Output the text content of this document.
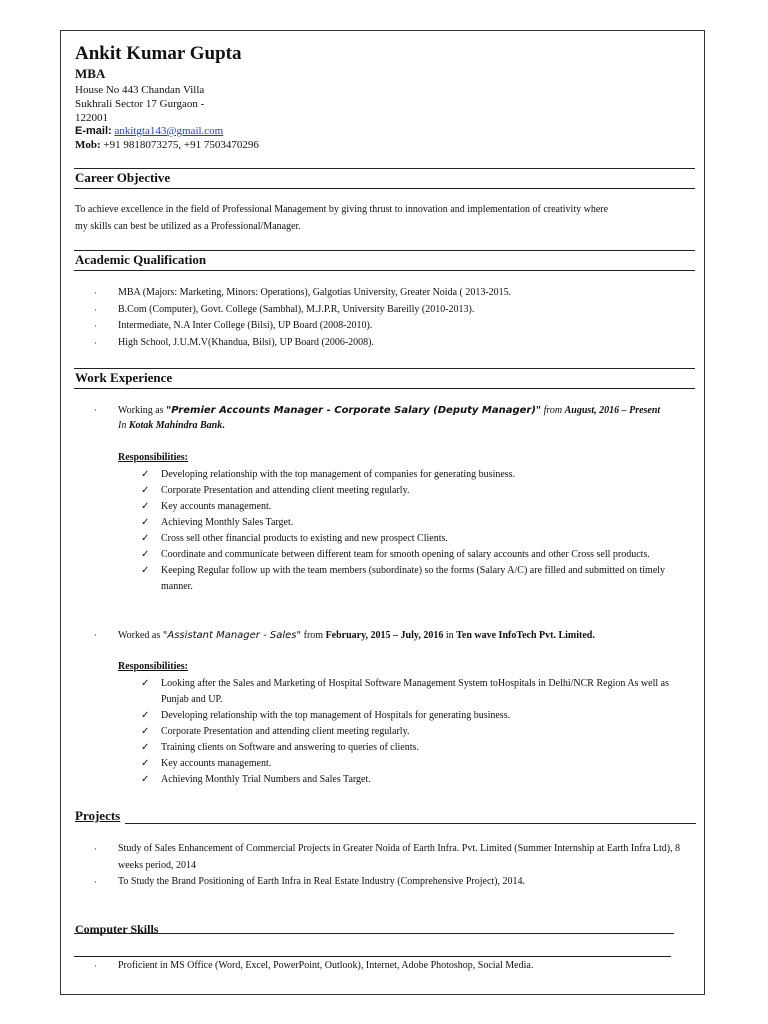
Ankit Kumar Gupta
MBA
House No 443 Chandan Villa
Sukhrali Sector 17 Gurgaon -
122001
E-mail: ankitgta143@gmail.com
Mob: +91 9818073275, +91 7503470296
Career Objective
To achieve excellence in the field of Professional Management by giving thrust to innovation and implementation of creativity where
my skills can best be utilized as a Professional/Manager.
Academic Qualification
· MBA (Majors: Marketing, Minors: Operations), Galgotias University, Greater Noida ( 2013-2015.
· B.Com (Computer), Govt. College (Sambhal), M.J.P.R, University Bareilly (2010-2013).
· Intermediate, N.A Inter College (Bilsi), UP Board (2008-2010).
· High School, J.U.M.V(Khandua, Bilsi), UP Board (2006-2008).
Work Experience
·	Working as "Premier Accounts Manager - Corporate Salary (Deputy Manager)" from August, 2016 – Present
In Kotak Mahindra Bank.
Responsibilities:
✓ Developing relationship with the top management of companies for generating business.
✓ Corporate Presentation and attending client meeting regularly.
✓ Key accounts management.
✓ Achieving Monthly Sales Target.
✓ Cross sell other financial products to existing and new prospect Clients.
✓ Coordinate and communicate between different team for smooth opening of salary accounts and other Cross sell products.
✓ Keeping Regular follow up with the team members (subordinate) so the forms (Salary A/C) are filled and submitted on timely manner.
·	Worked as "Assistant Manager - Sales" from February, 2015 – July, 2016 in Ten wave InfoTech Pvt. Limited.
Responsibilities:
✓ Looking after the Sales and Marketing of Hospital Software Management System toHospitals in Delhi/NCR Region As well as Punjab and UP.
✓ Developing relationship with the top management of Hospitals for generating business.
✓ Corporate Presentation and attending client meeting regularly.
✓ Training clients on Software and answering to queries of clients.
✓ Key accounts management.
✓ Achieving Monthly Trial Numbers and Sales Target.
Projects
· Study of Sales Enhancement of Commercial Projects in Greater Noida of Earth Infra. Pvt. Limited (Summer Internship at Earth Infra Ltd), 8 weeks period, 2014
· To Study the Brand Positioning of Earth Infra in Real Estate Industry (Comprehensive Project), 2014.
Computer Skills
· Proficient in MS Office (Word, Excel, PowerPoint, Outlook), Internet, Adobe Photoshop, Social Media.
